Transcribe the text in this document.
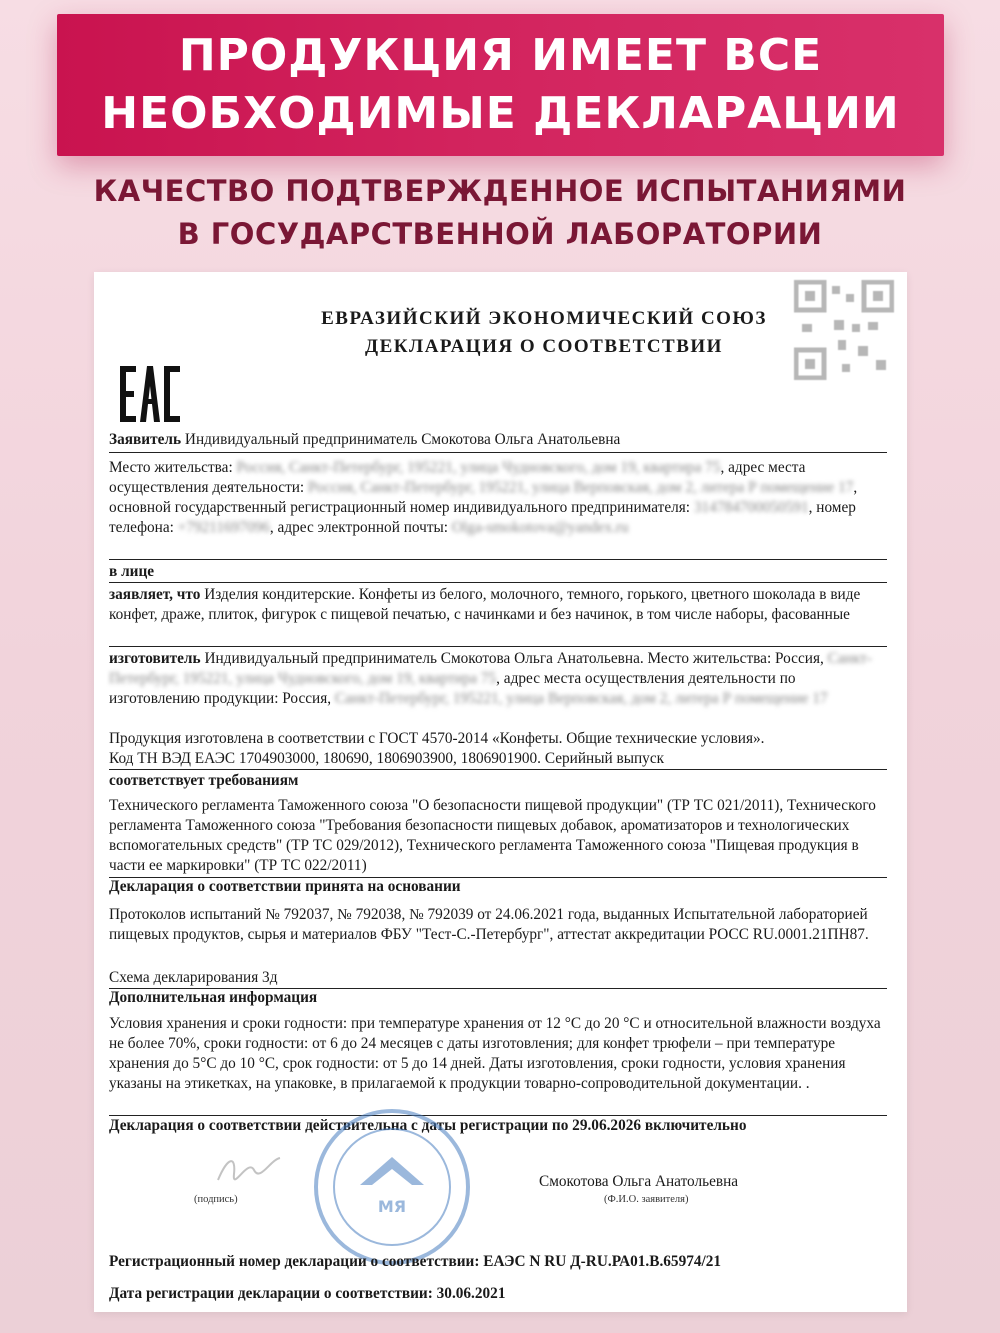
ПРОДУКЦИЯ ИМЕЕТ ВСЕ
НЕОБХОДИМЫЕ ДЕКЛАРАЦИИ
КАЧЕСТВО ПОДТВЕРЖДЕННОЕ ИСПЫТАНИЯМИ
В ГОСУДАРСТВЕННОЙ ЛАБОРАТОРИИ
ЕВРАЗИЙСКИЙ ЭКОНОМИЧЕСКИЙ СОЮЗ
ДЕКЛАРАЦИЯ О СООТВЕТСТВИИ
Заявитель Индивидуальный предприниматель Смокотова Ольга Анатольевна
Место жительства: Россия, Санкт-Петербург, 195221, улица Чудновского, дом 19, квартира 75, адрес места осуществления деятельности: Россия, Санкт-Петербург, 195221, улица Верповская, дом 2, литера Р помещение 17, основной государственный регистрационный номер индивидуального предпринимателя: 314784700050591, номер телефона: +79211697096, адрес электронной почты: Olga-smokotova@yandex.ru
в лице
заявляет, что Изделия кондитерские. Конфеты из белого, молочного, темного, горького, цветного шоколада в виде конфет, драже, плиток, фигурок с пищевой печатью, с начинками и без начинок, в том числе наборы, фасованные
изготовитель Индивидуальный предприниматель Смокотова Ольга Анатольевна. Место жительства: Россия, Санкт-Петербург, 195221, улица Чудновского, дом 19, квартира 75, адрес места осуществления деятельности по изготовлению продукции: Россия, Санкт-Петербург, 195221, улица Верповская, дом 2, литера Р помещение 17
Продукция изготовлена в соответствии с ГОСТ 4570-2014 «Конфеты. Общие технические условия».
Код ТН ВЭД ЕАЭС 1704903000, 180690, 1806903900, 1806901900. Серийный выпуск
соответствует требованиям
Технического регламента Таможенного союза "О безопасности пищевой продукции" (ТР ТС 021/2011), Технического регламента Таможенного союза "Требования безопасности пищевых добавок, ароматизаторов и технологических вспомогательных средств" (ТР ТС 029/2012), Технического регламента Таможенного союза "Пищевая продукция в части ее маркировки" (ТР ТС 022/2011)
Декларация о соответствии принята на основании
Протоколов испытаний № 792037, № 792038, № 792039 от 24.06.2021 года, выданных Испытательной лабораторией пищевых продуктов, сырья и материалов ФБУ "Тест-С.-Петербург", аттестат аккредитации РОСС RU.0001.21ПН87.
Схема декларирования 3д
Дополнительная информация
Условия хранения и сроки годности: при температуре хранения от 12 °С до 20 °С и относительной влажности воздуха не более 70%, сроки годности: от 6 до 24 месяцев с даты изготовления; для конфет трюфели – при температуре хранения до 5°С до 10 °С, срок годности: от 5 до 14 дней. Даты изготовления, сроки годности, условия хранения указаны на этикетках, на упаковке, в прилагаемой к продукции товарно-сопроводительной документации. .
Декларация о соответствии действительна с даты регистрации по 29.06.2026 включительно
МЯ
Смокотова Ольга Анатольевна
(подпись)	(Ф.И.О. заявителя)
Регистрационный номер декларации о соответствии: ЕАЭС N RU Д-RU.РА01.В.65974/21
Дата регистрации декларации о соответствии: 30.06.2021
